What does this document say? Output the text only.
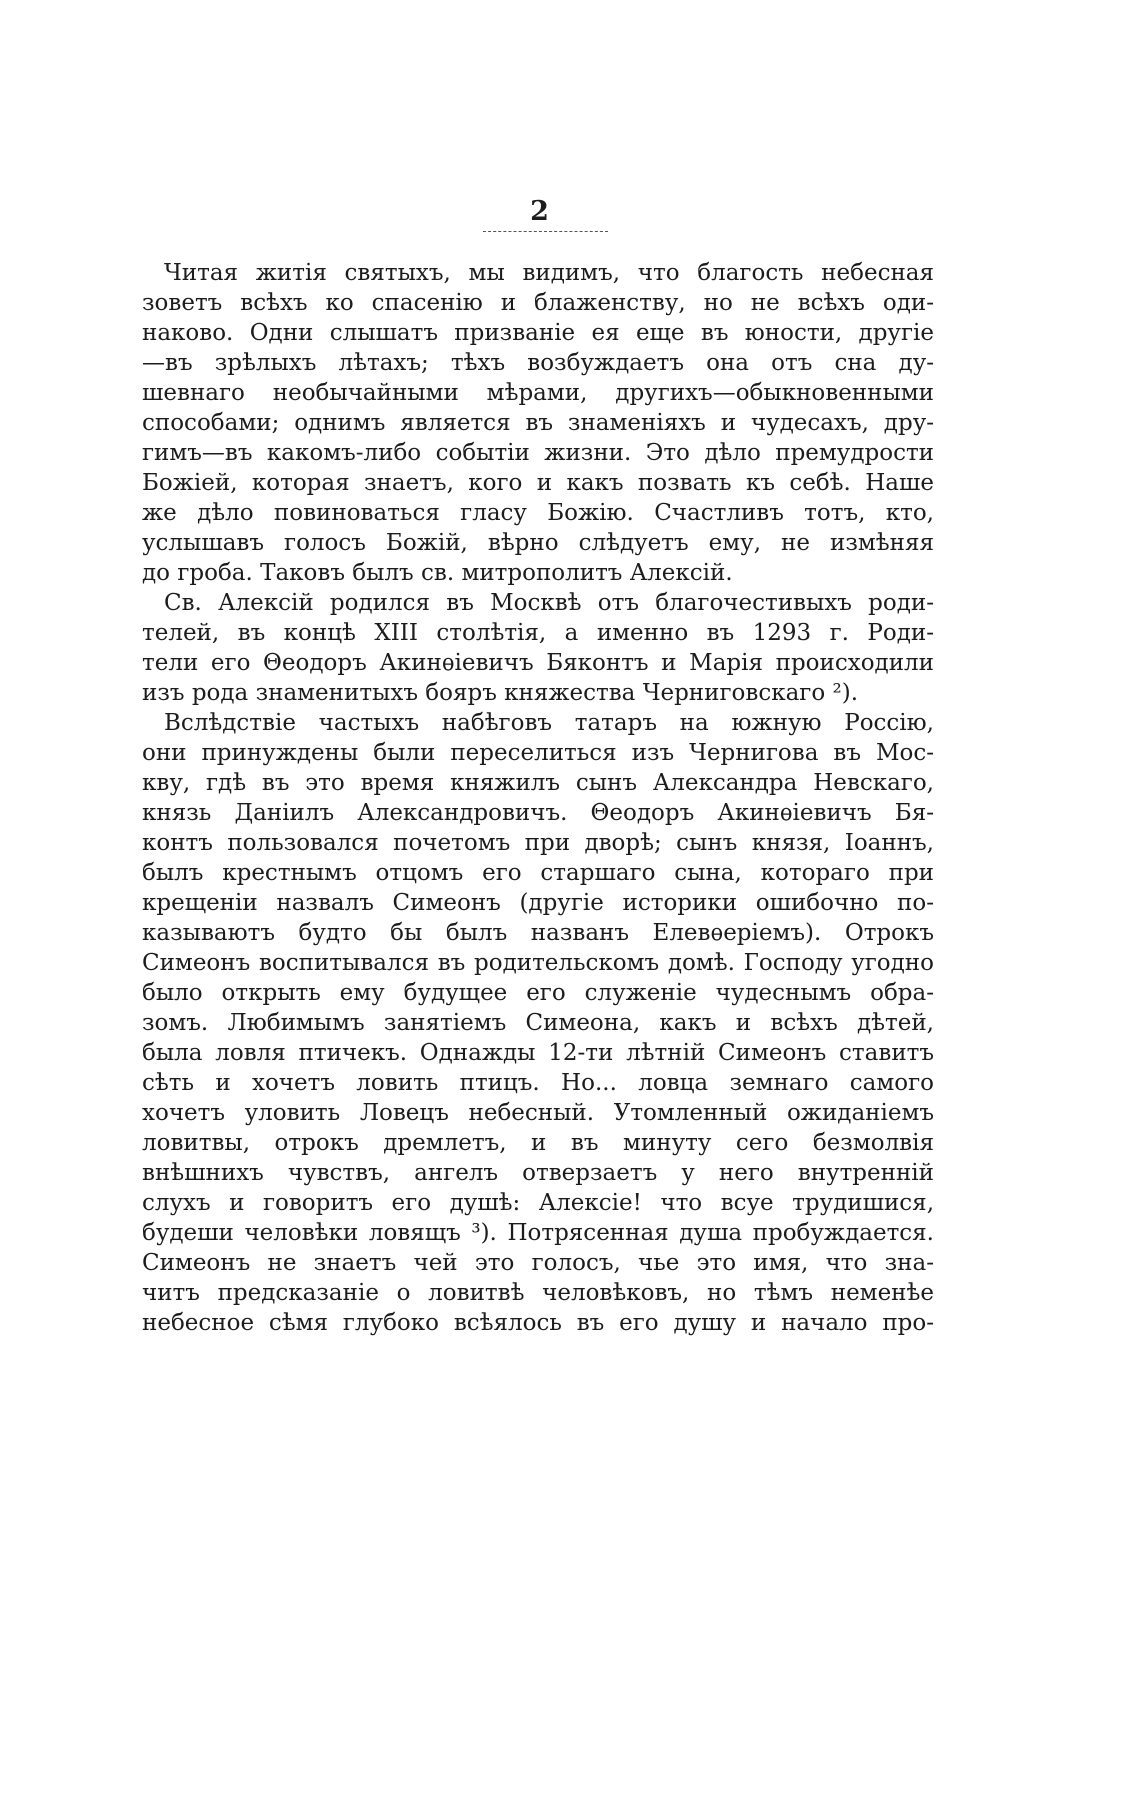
2
Читая житія святыхъ, мы видимъ, что благость небесная
зоветъ всѣхъ ко спасенію и блаженству, но не всѣхъ оди-
наково. Одни слышатъ призваніе ея еще въ юности, другіе
—въ зрѣлыхъ лѣтахъ; тѣхъ возбуждаетъ она отъ сна ду-
шевнаго необычайными мѣрами, другихъ—обыкновенными
способами; однимъ является въ знаменіяхъ и чудесахъ, дру-
гимъ—въ какомъ-либо событіи жизни. Это дѣло премудрости
Божіей, которая знаетъ, кого и какъ позвать къ себѣ. Наше
же дѣло повиноваться гласу Божію. Счастливъ тотъ, кто,
услышавъ голосъ Божій, вѣрно слѣдуетъ ему, не измѣняя
до гроба. Таковъ былъ св. митрополитъ Алексій.
Св. Алексій родился въ Москвѣ отъ благочестивыхъ роди-
телей, въ концѣ XIII столѣтія, а именно въ 1293 г. Роди-
тели его Θеодоръ Акинѳіевичъ Бяконтъ и Марія происходили
изъ рода знаменитыхъ бояръ княжества Черниговскаго ²).
Вслѣдствіе частыхъ набѣговъ татаръ на южную Россію,
они принуждены были переселиться изъ Чернигова въ Мос-
кву, гдѣ въ это время княжилъ сынъ Александра Невскаго,
князь Даніилъ Александровичъ. Θеодоръ Акинѳіевичъ Бя-
контъ пользовался почетомъ при дворѣ; сынъ князя, Іоаннъ,
былъ крестнымъ отцомъ его старшаго сына, котораго при
крещеніи назвалъ Симеонъ (другіе историки ошибочно по-
казываютъ будто бы былъ названъ Елевѳеріемъ). Отрокъ
Симеонъ воспитывался въ родительскомъ домѣ. Господу угодно
было открыть ему будущее его служеніе чудеснымъ обра-
зомъ. Любимымъ занятіемъ Симеона, какъ и всѣхъ дѣтей,
была ловля птичекъ. Однажды 12-ти лѣтній Симеонъ ставитъ
сѣть и хочетъ ловить птицъ. Но... ловца земнаго самого
хочетъ уловить Ловецъ небесный. Утомленный ожиданіемъ
ловитвы, отрокъ дремлетъ, и въ минуту сего безмолвія
внѣшнихъ чувствъ, ангелъ отверзаетъ у него внутренній
слухъ и говоритъ его душѣ: Алексіе! что всуе трудишися,
будеши человѣки ловящъ ³). Потрясенная душа пробуждается.
Симеонъ не знаетъ чей это голосъ, чье это имя, что зна-
читъ предсказаніе о ловитвѣ человѣковъ, но тѣмъ неменѣе
небесное сѣмя глубоко всѣялось въ его душу и начало про-
